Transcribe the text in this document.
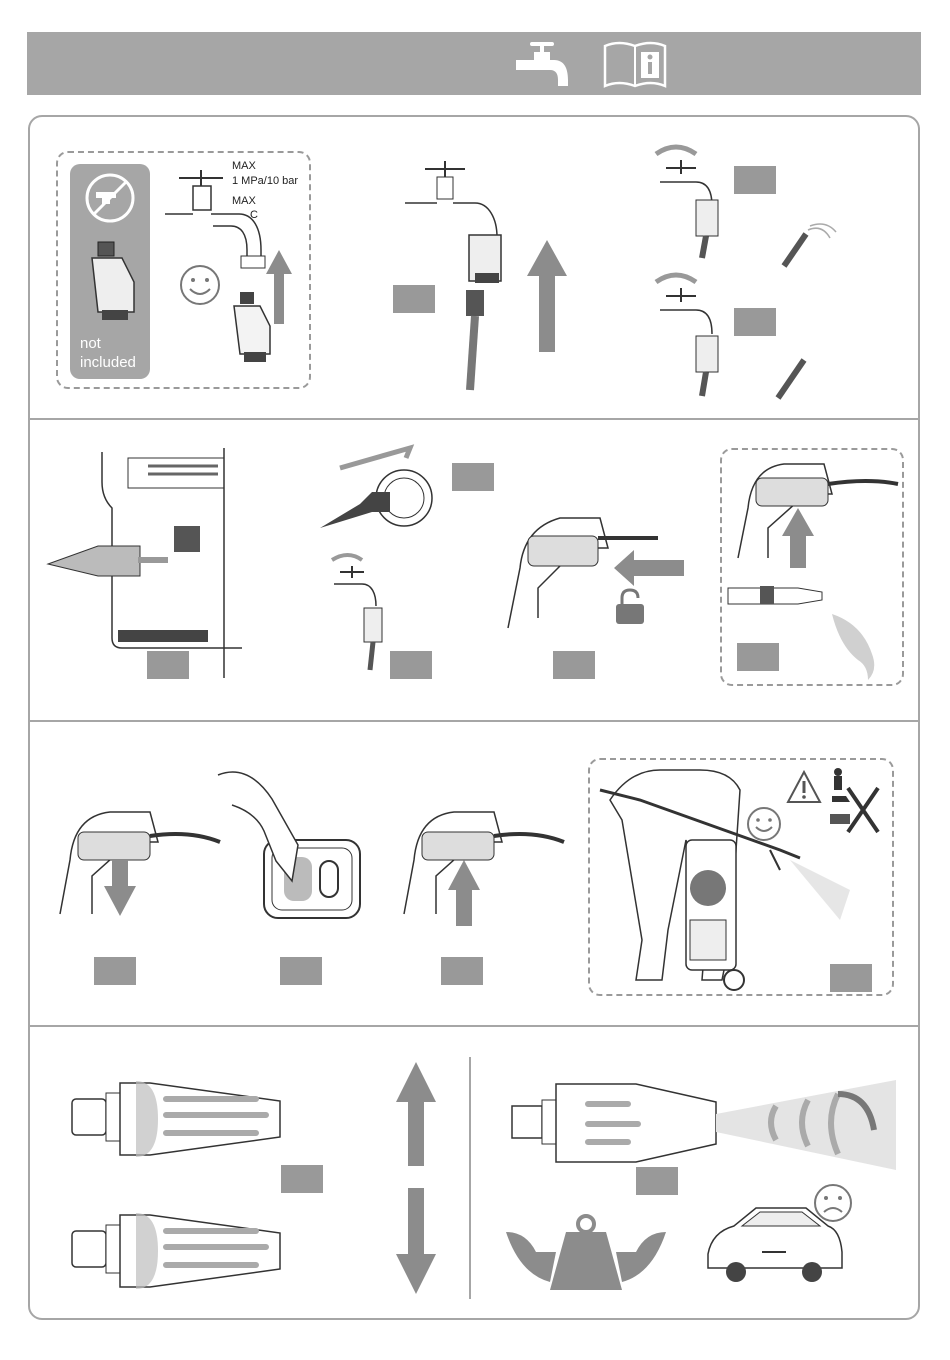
not
included
MAX
1 MPa/10 bar
MAX
C
